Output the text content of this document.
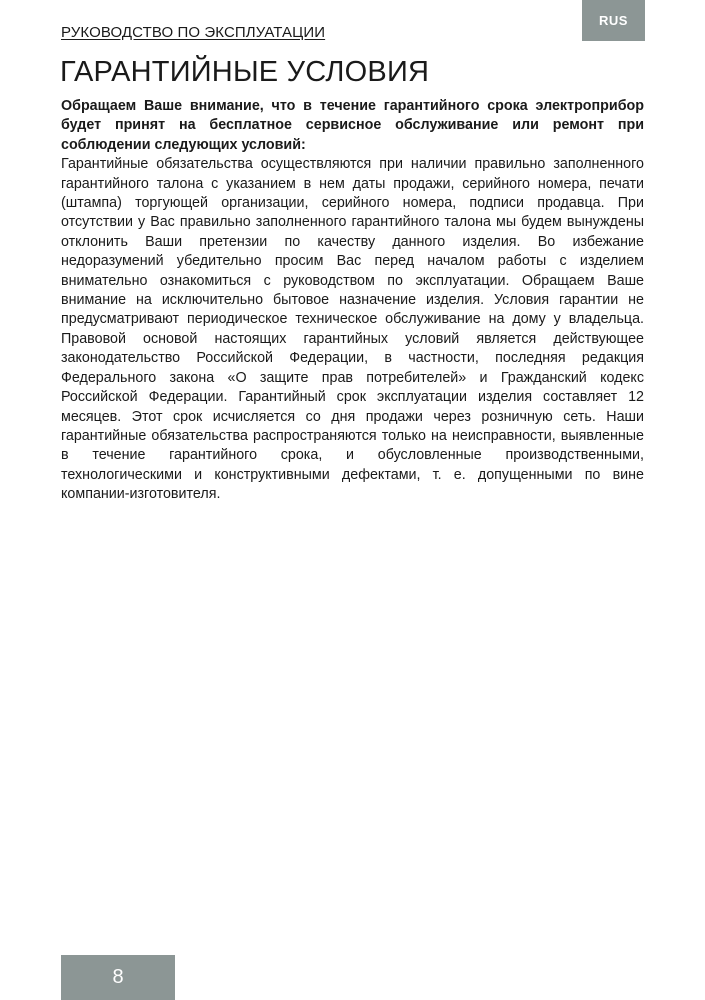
RUS
РУКОВОДСТВО ПО ЭКСПЛУАТАЦИИ
ГАРАНТИЙНЫЕ УСЛОВИЯ

Обращаем Ваше внимание, что в течение гарантийного срока электроприбор будет принят на бесплатное сервисное обслуживание или ремонт при соблюдении следующих условий:

Гарантийные обязательства осуществляются при наличии правильно заполненного гарантийного талона с указанием в нем даты продажи, серийного номера, печати (штампа) торгующей организации, серийного номера, подписи продавца. При отсутствии у Вас правильно заполненного гарантийного талона мы будем вынуждены отклонить Ваши претензии по качеству данного изделия. Во избежание недоразумений убедительно просим Вас перед началом работы с изделием внимательно ознакомиться с руководством по эксплуатации. Обращаем Ваше внимание на исключительно бытовое назначение изделия. Условия гарантии не предусматривают периодическое техническое обслуживание на дому у владельца. Правовой основой настоящих гарантийных условий является действующее законодательство Российской Федерации, в частности, последняя редакция Федерального закона «О защите прав потребителей» и Гражданский кодекс Российской Федерации. Гарантийный срок эксплуатации изделия составляет 12 месяцев. Этот срок исчисляется со дня продажи через розничную сеть. Наши гарантийные обязательства распространяются только на неисправности, выявленные в течение гарантийного срока, и обусловленные производственными, технологическими и конструктивными дефектами, т. е. допущенными по вине компании-изготовителя.

8
